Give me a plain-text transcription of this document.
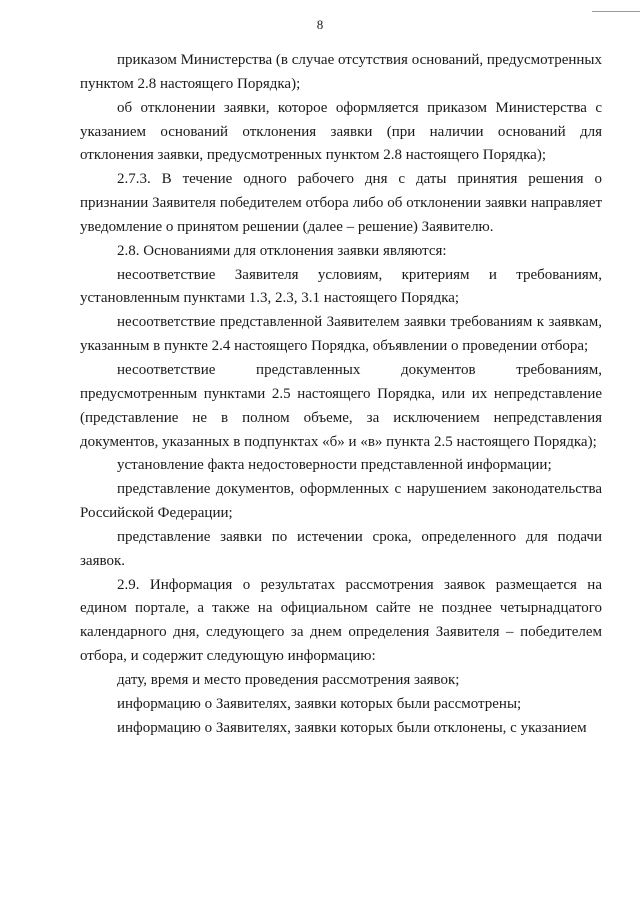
8

приказом Министерства (в случае отсутствия оснований, предусмотренных пунктом 2.8 настоящего Порядка);

об отклонении заявки, которое оформляется приказом Министерства с указанием оснований отклонения заявки (при наличии оснований для отклонения заявки, предусмотренных пунктом 2.8 настоящего Порядка);

2.7.3. В течение одного рабочего дня с даты принятия решения о признании Заявителя победителем отбора либо об отклонении заявки направляет уведомление о принятом решении (далее – решение) Заявителю.

2.8. Основаниями для отклонения заявки являются:

несоответствие Заявителя условиям, критериям и требованиям, установленным пунктами 1.3, 2.3, 3.1 настоящего Порядка;

несоответствие представленной Заявителем заявки требованиям к заявкам, указанным в пункте 2.4 настоящего Порядка, объявлении о проведении отбора;

несоответствие представленных документов требованиям, предусмотренным пунктами 2.5 настоящего Порядка, или их непредставление (представление не в полном объеме, за исключением непредставления документов, указанных в подпунктах «б» и «в» пункта 2.5 настоящего Порядка);

установление факта недостоверности представленной информации;

представление документов, оформленных с нарушением законодательства Российской Федерации;

представление заявки по истечении срока, определенного для подачи заявок.

2.9. Информация о результатах рассмотрения заявок размещается на едином портале, а также на официальном сайте не позднее четырнадцатого календарного дня, следующего за днем определения Заявителя – победителем отбора, и содержит следующую информацию:

дату, время и место проведения рассмотрения заявок;

информацию о Заявителях, заявки которых были рассмотрены;

информацию о Заявителях, заявки которых были отклонены, с указанием
